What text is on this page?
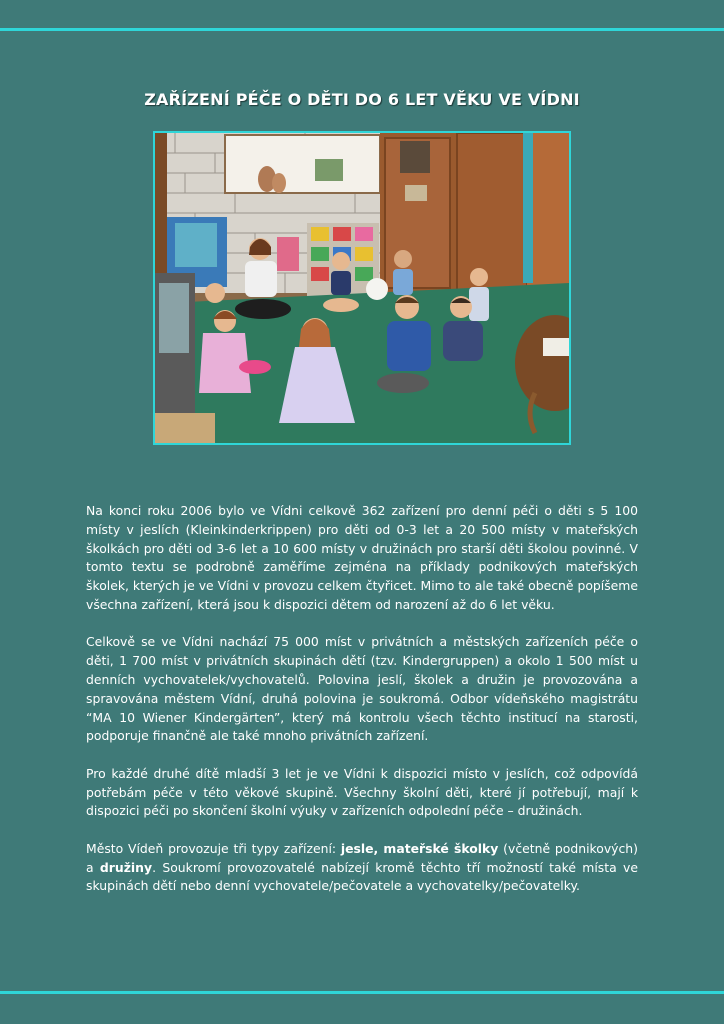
ZAŘÍZENÍ PÉČE O DĚTI DO 6 LET VĚKU VE VÍDNI

Na konci roku 2006 bylo ve Vídni celkově 362 zařízení pro denní péči o děti s 5 100 místy v jeslích (Kleinkinderkrippen) pro děti od 0-3 let a 20 500 místy v mateřských školkách pro děti od 3-6 let a 10 600 místy v družinách pro starší děti školou povinné. V tomto textu se podrobně zaměříme zejména na příklady podnikových mateřských školek, kterých je ve Vídni v provozu celkem čtyřicet. Mimo to ale také obecně popíšeme všechna zařízení, která jsou k dispozici dětem od narození až do 6 let věku.

Celkově se ve Vídni nachází 75 000 míst v privátních a městských zařízeních péče o děti, 1 700 míst v privátních skupinách dětí (tzv. Kindergruppen) a okolo 1 500 míst u denních vychovatelek/vychovatelů. Polovina jeslí, školek a družin je provozována a spravována městem Vídní, druhá polovina je soukromá. Odbor vídeňského magistrátu “MA 10 Wiener Kindergärten”, který má kontrolu všech těchto institucí na starosti, podporuje finančně ale také mnoho privátních zařízení.

Pro každé druhé dítě mladší 3 let je ve Vídni k dispozici místo v jeslích, což odpovídá potřebám péče v této věkové skupině. Všechny školní děti, které jí potřebují, mají k dispozici péči po skončení školní výuky v zařízeních odpolední péče – družinách.

Město Vídeň provozuje tři typy zařízení: jesle, mateřské školky (včetně podnikových) a družiny. Soukromí provozovatelé nabízejí kromě těchto tří možností také místa ve skupinách dětí nebo denní vychovatele/pečovatele a vychovatelky/pečovatelky.
